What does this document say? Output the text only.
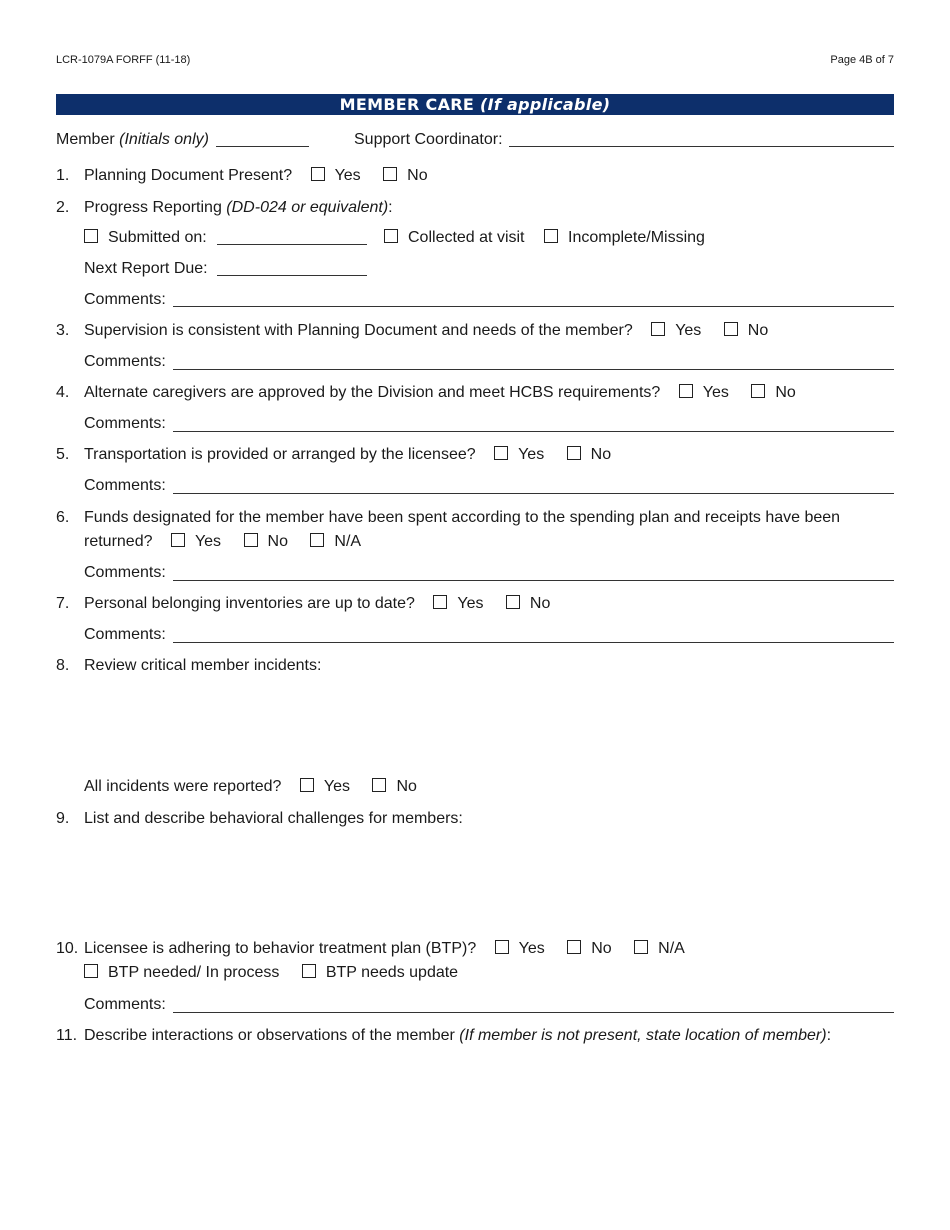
LCR-1079A FORFF (11-18)	Page 4B of 7
MEMBER CARE (If applicable)
Member (Initials only)	Support Coordinator:
1. Planning Document Present?	Yes	No
2. Progress Reporting (DD-024 or equivalent):
Submitted on:	Collected at visit	Incomplete/Missing
Next Report Due:
Comments:
3. Supervision is consistent with Planning Document and needs of the member?	Yes	No
Comments:
4. Alternate caregivers are approved by the Division and meet HCBS requirements?	Yes	No
Comments:
5. Transportation is provided or arranged by the licensee?	Yes	No
Comments:
6. Funds designated for the member have been spent according to the spending plan and receipts have been
returned?	Yes	No	N/A
Comments:
7. Personal belonging inventories are up to date?	Yes	No
Comments:
8. Review critical member incidents:
All incidents were reported?	Yes	No
9. List and describe behavioral challenges for members:
10. Licensee is adhering to behavior treatment plan (BTP)?	Yes	No	N/A
BTP needed/ In process	BTP needs update
Comments:
11. Describe interactions or observations of the member (If member is not present, state location of member):
